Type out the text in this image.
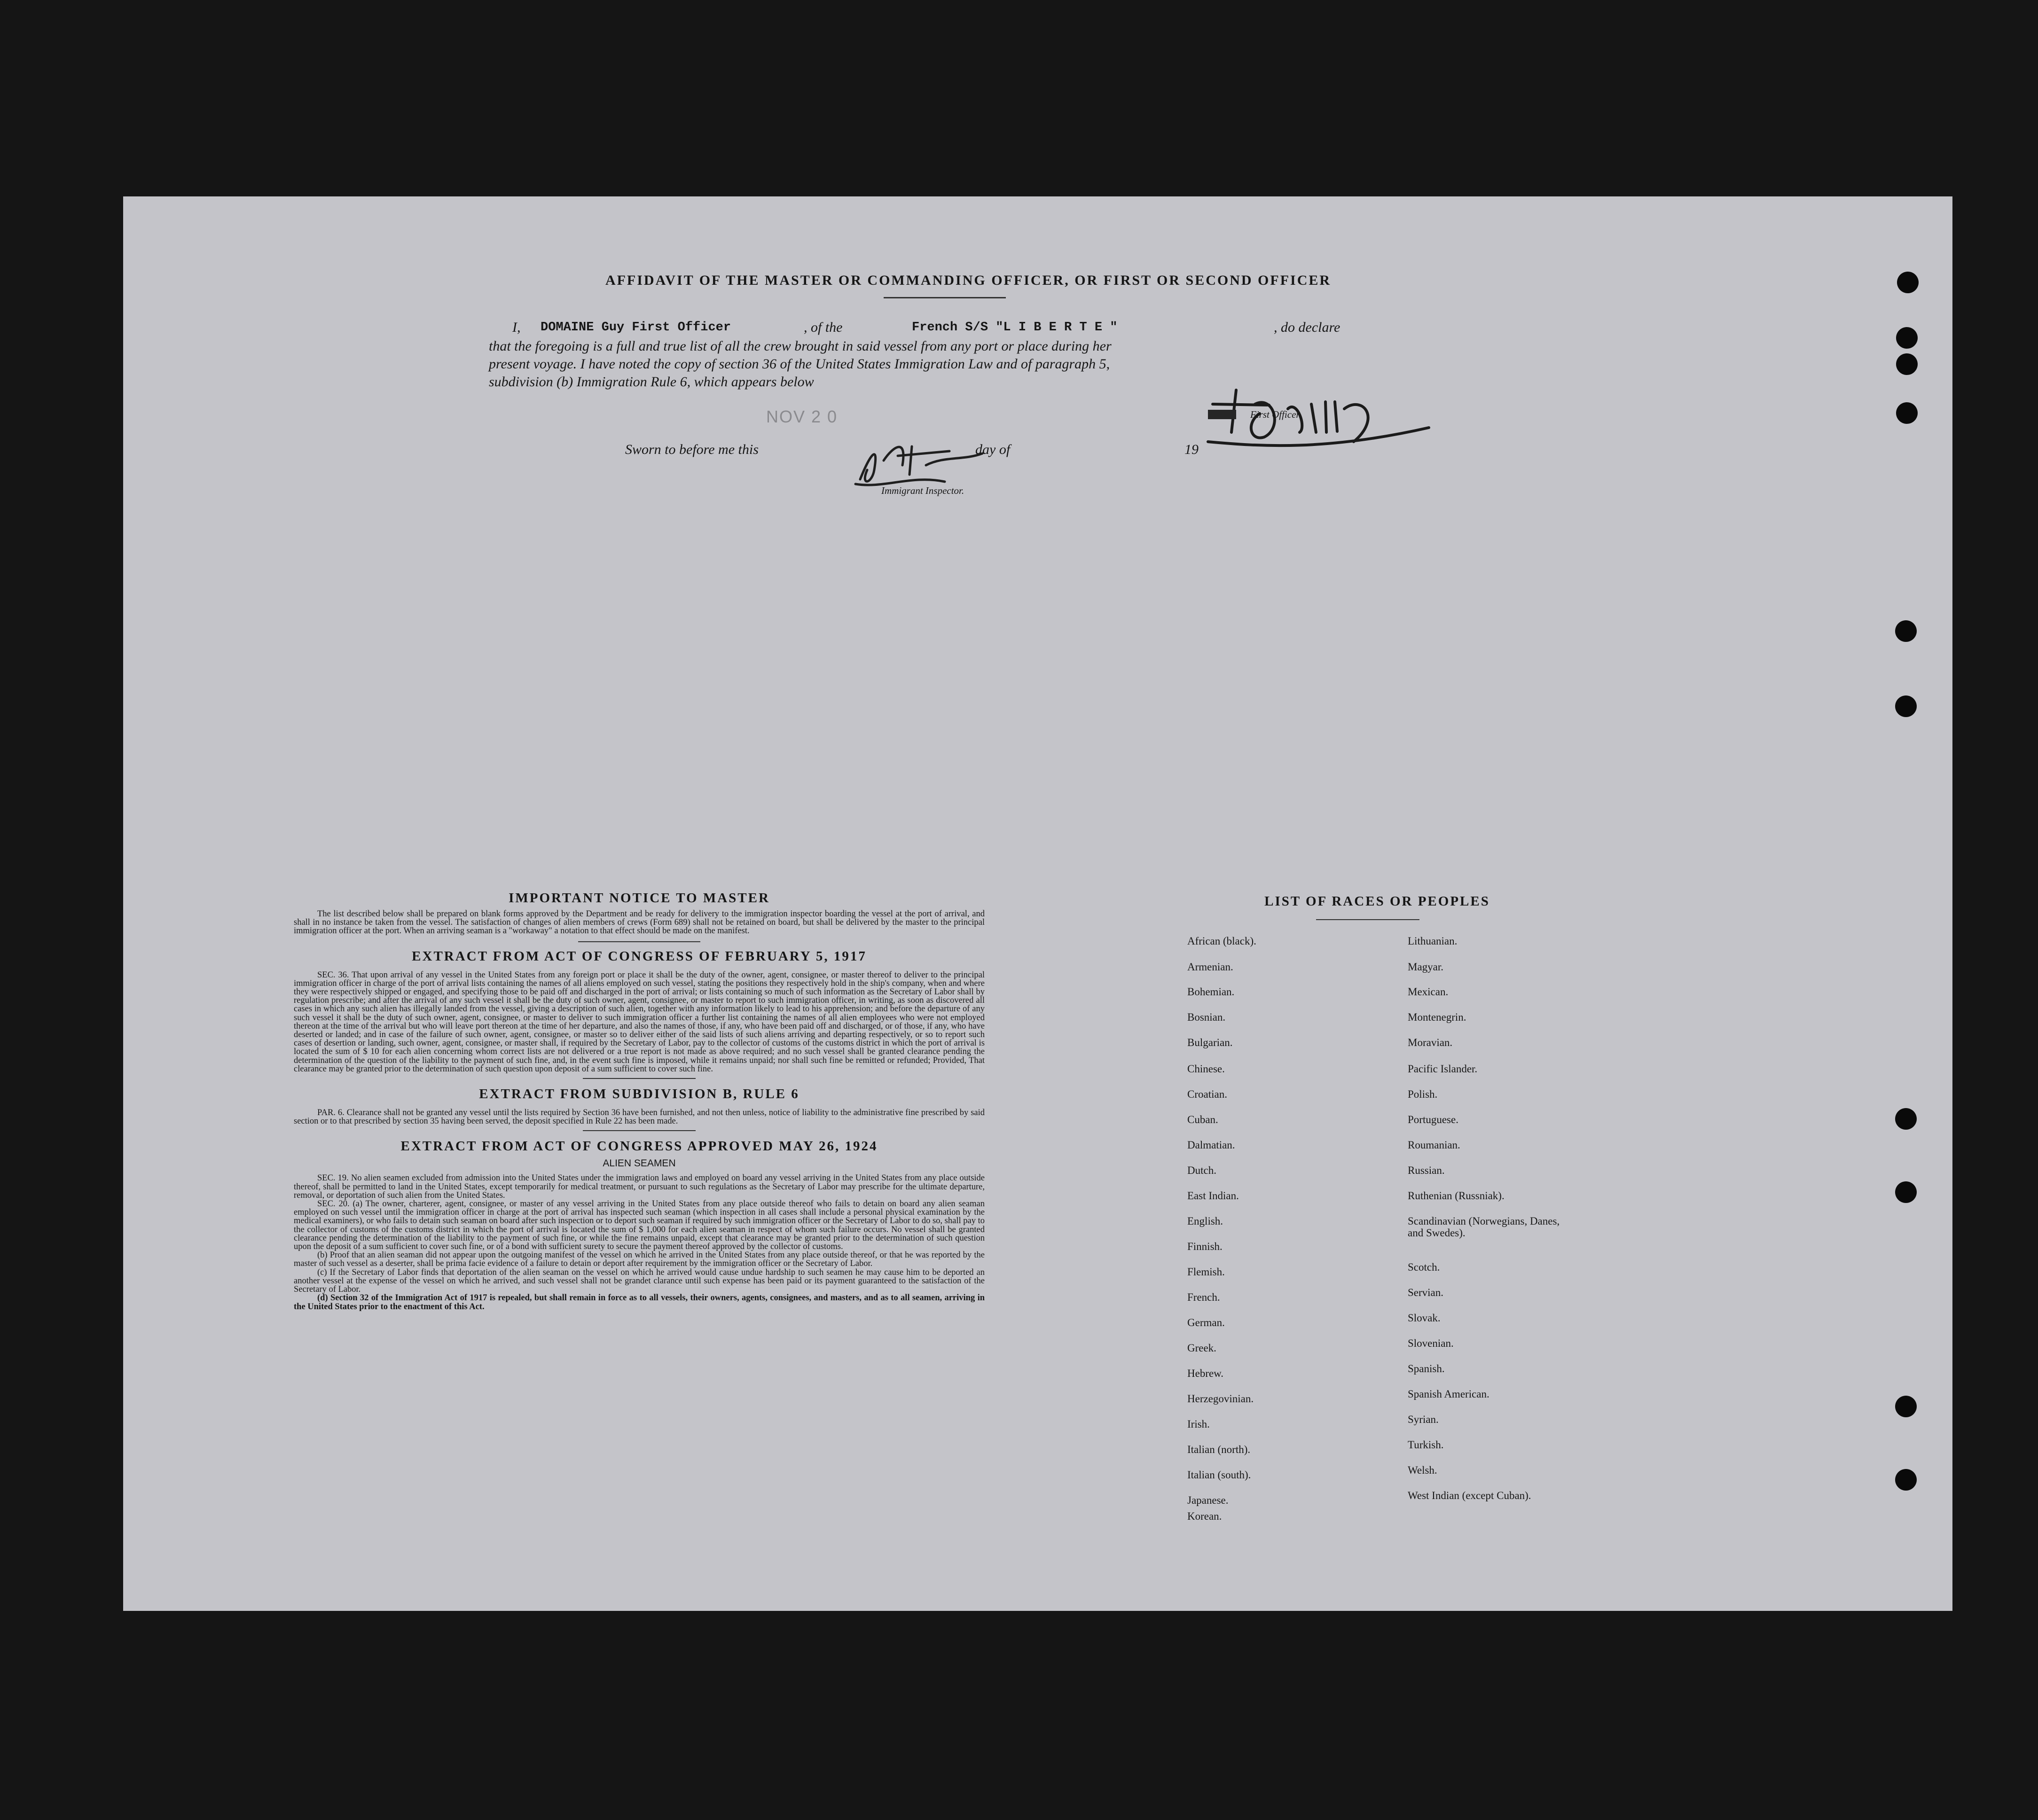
AFFIDAVIT OF THE MASTER OR COMMANDING OFFICER, OR FIRST OR SECOND OFFICER
I, DOMAINE Guy First Officer	, of the	French S/S "L I B E R T E "	, do declare
that the foregoing is a full and true list of all the crew brought in said vessel from any port or place during her
present voyage. I have noted the copy of section 36 of the United States Immigration Law and of paragraph 5,
subdivision (b) Immigration Rule 6, which appears below
NOV 2 0	First Officer.
Sworn to before me this	day of	19
Immigrant Inspector.
IMPORTANT NOTICE TO MASTER

The list described below shall be prepared on blank forms approved by the Department and be ready for delivery to the immigration inspector boarding the vessel at the port of arrival, and shall in no instance be taken from the vessel. The satisfaction of changes of alien members of crews (Form 689) shall not be retained on board, but shall be delivered by the master to the principal immigration officer at the port. When an arriving seaman is a "workaway" a notation to that effect should be made on the manifest.

EXTRACT FROM ACT OF CONGRESS OF FEBRUARY 5, 1917

SEC. 36. That upon arrival of any vessel in the United States from any foreign port or place it shall be the duty of the owner, agent, consignee, or master thereof to deliver to the principal immigration officer in charge of the port of arrival lists containing the names of all aliens employed on such vessel, stating the positions they respectively hold in the ship's company, when and where they were respectively shipped or engaged, and specifying those to be paid off and discharged in the port of arrival; or lists containing so much of such information as the Secretary of Labor shall by regulation prescribe; and after the arrival of any such vessel it shall be the duty of such owner, agent, consignee, or master to report to such immigration officer, in writing, as soon as discovered all cases in which any such alien has illegally landed from the vessel, giving a description of such alien, together with any information likely to lead to his apprehension; and before the departure of any such vessel it shall be the duty of such owner, agent, consignee, or master to deliver to such immigration officer a further list containing the names of all alien employees who were not employed thereon at the time of the arrival but who will leave port thereon at the time of her departure, and also the names of those, if any, who have been paid off and discharged, or of those, if any, who have deserted or landed; and in case of the failure of such owner, agent, consignee, or master so to deliver either of the said lists of such aliens arriving and departing respectively, or so to report such cases of desertion or landing, such owner, agent, consignee, or master shall, if required by the Secretary of Labor, pay to the collector of customs of the customs district in which the port of arrival is located the sum of $ 10 for each alien concerning whom correct lists are not delivered or a true report is not made as above required; and no such vessel shall be granted clearance pending the determination of the question of the liability to the payment of such fine, and, in the event such fine is imposed, while it remains unpaid; nor shall such fine be remitted or refunded; Provided, That clearance may be granted prior to the determination of such question upon deposit of a sum sufficient to cover such fine.

EXTRACT FROM SUBDIVISION B, RULE 6

PAR. 6. Clearance shall not be granted any vessel until the lists required by Section 36 have been furnished, and not then unless, notice of liability to the administrative fine prescribed by said section or to that prescribed by section 35 having been served, the deposit specified in Rule 22 has been made.

EXTRACT FROM ACT OF CONGRESS APPROVED MAY 26, 1924
ALIEN SEAMEN

SEC. 19. No alien seamen excluded from admission into the United States under the immigration laws and employed on board any vessel arriving in the United States from any place outside thereof, shall be permitted to land in the United States, except temporarily for medical treatment, or pursuant to such regulations as the Secretary of Labor may prescribe for the ultimate departure, removal, or deportation of such alien from the United States.

SEC. 20. (a) The owner, charterer, agent, consignee, or master of any vessel arriving in the United States from any place outside thereof who fails to detain on board any alien seaman employed on such vessel until the immigration officer in charge at the port of arrival has inspected such seaman (which inspection in all cases shall include a personal physical examination by the medical examiners), or who fails to detain such seaman on board after such inspection or to deport such seaman if required by such immigration officer or the Secretary of Labor to do so, shall pay to the collector of customs of the customs district in which the port of arrival is located the sum of $ 1,000 for each alien seaman in respect of whom such failure occurs. No vessel shall be granted clearance pending the determination of the liability to the payment of such fine, or while the fine remains unpaid, except that clearance may be granted prior to the determination of such question upon the deposit of a sum sufficient to cover such fine, or of a bond with sufficient surety to secure the payment thereof approved by the collector of customs.

(b) Proof that an alien seaman did not appear upon the outgoing manifest of the vessel on which he arrived in the United States from any place outside thereof, or that he was reported by the master of such vessel as a deserter, shall be prima facie evidence of a failure to detain or deport after requirement by the immigration officer or the Secretary of Labor.

(c) If the Secretary of Labor finds that deportation of the alien seaman on the vessel on which he arrived would cause undue hardship to such seamen he may cause him to be deported an another vessel at the expense of the vessel on which he arrived, and such vessel shall not be grandet clarance until such expense has been paid or its payment guaranteed to the satisfaction of the Secretary of Labor.

(d) Section 32 of the Immigration Act of 1917 is repealed, but shall remain in force as to all vessels, their owners, agents, consignees, and masters, and as to all seamen, arriving in the United States prior to the enactment of this Act.

LIST OF RACES OR PEOPLES
African (black).
Armenian.
Bohemian.
Bosnian.
Bulgarian.
Chinese.
Croatian.
Cuban.
Dalmatian.
Dutch.
East Indian.
English.
Finnish.
Flemish.
French.
German.
Greek.
Hebrew.
Herzegovinian.
Irish.
Italian (north).
Italian (south).
Japanese.
Korean.
Lithuanian.
Magyar.
Mexican.
Montenegrin.
Moravian.
Pacific Islander.
Polish.
Portuguese.
Roumanian.
Russian.
Ruthenian (Russniak).
Scandinavian (Norwegians, Danes, and Swedes).
Scotch.
Servian.
Slovak.
Slovenian.
Spanish.
Spanish American.
Syrian.
Turkish.
Welsh.
West Indian (except Cuban).
